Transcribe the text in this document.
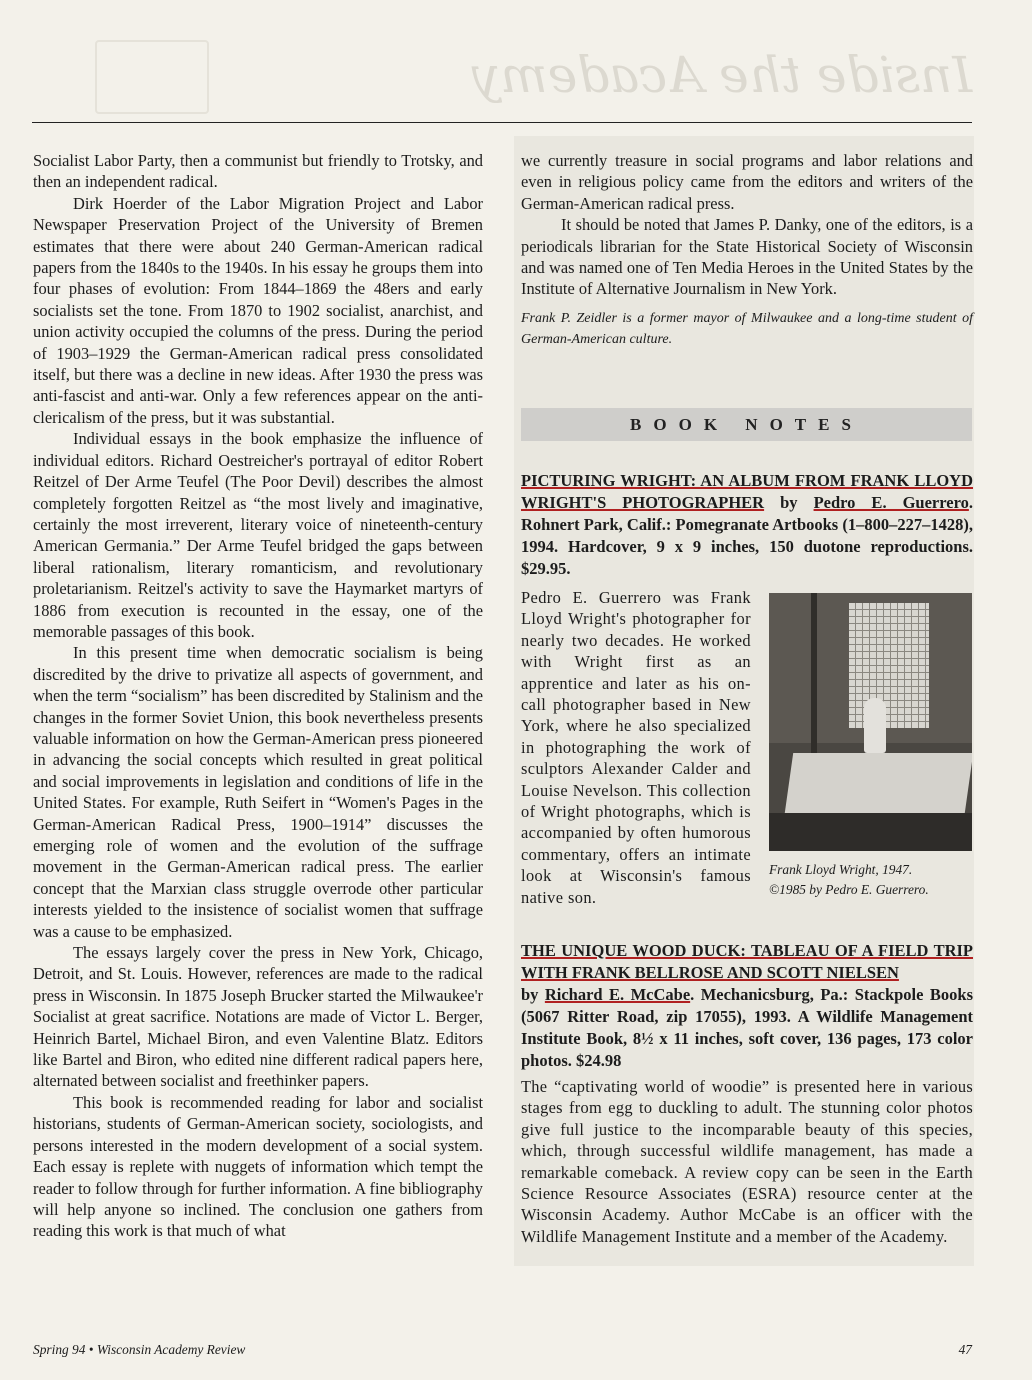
Inside the Academy

Socialist Labor Party, then a communist but friendly to Trotsky, and then an independent radical.

Dirk Hoerder of the Labor Migration Project and Labor Newspaper Preservation Project of the University of Bremen estimates that there were about 240 German-American radical papers from the 1840s to the 1940s. In his essay he groups them into four phases of evolution: From 1844–1869 the 48ers and early socialists set the tone. From 1870 to 1902 socialist, anarchist, and union activity occupied the columns of the press. During the period of 1903–1929 the German-American radical press consolidated itself, but there was a decline in new ideas. After 1930 the press was anti-fascist and anti-war. Only a few references appear on the anti-clericalism of the press, but it was substantial.

Individual essays in the book emphasize the influence of individual editors. Richard Oestreicher's portrayal of editor Robert Reitzel of Der Arme Teufel (The Poor Devil) describes the almost completely forgotten Reitzel as “the most lively and imaginative, certainly the most irreverent, literary voice of nineteenth-century American Germania.” Der Arme Teufel bridged the gaps between liberal rationalism, literary romanticism, and revolutionary proletarianism. Reitzel's activity to save the Haymarket martyrs of 1886 from execution is recounted in the essay, one of the memorable passages of this book.

In this present time when democratic socialism is being discredited by the drive to privatize all aspects of government, and when the term “socialism” has been discredited by Stalinism and the changes in the former Soviet Union, this book nevertheless presents valuable information on how the German-American press pioneered in advancing the social concepts which resulted in great political and social improvements in legislation and conditions of life in the United States. For example, Ruth Seifert in “Women's Pages in the German-American Radical Press, 1900–1914” discusses the emerging role of women and the evolution of the suffrage movement in the German-American radical press. The earlier concept that the Marxian class struggle overrode other particular interests yielded to the insistence of socialist women that suffrage was a cause to be emphasized.

The essays largely cover the press in New York, Chicago, Detroit, and St. Louis. However, references are made to the radical press in Wisconsin. In 1875 Joseph Brucker started the Milwaukee'r Socialist at great sacrifice. Notations are made of Victor L. Berger, Heinrich Bartel, Michael Biron, and even Valentine Blatz. Editors like Bartel and Biron, who edited nine different radical papers here, alternated between socialist and freethinker papers.

This book is recommended reading for labor and socialist historians, students of German-American society, sociologists, and persons interested in the modern development of a social system. Each essay is replete with nuggets of information which tempt the reader to follow through for further information. A fine bibliography will help anyone so inclined. The conclusion one gathers from reading this work is that much of what

we currently treasure in social programs and labor relations and even in religious policy came from the editors and writers of the German-American radical press.

It should be noted that James P. Danky, one of the editors, is a periodicals librarian for the State Historical Society of Wisconsin and was named one of Ten Media Heroes in the United States by the Institute of Alternative Journalism in New York.

Frank P. Zeidler is a former mayor of Milwaukee and a long-time student of German-American culture.

BOOK NOTES
PICTURING WRIGHT: AN ALBUM FROM FRANK LLOYD WRIGHT'S PHOTOGRAPHER by Pedro E. Guerrero. Rohnert Park, Calif.: Pomegranate Artbooks (1–800–227–1428), 1994. Hardcover, 9 x 9 inches, 150 duotone reproductions. $29.95.
Pedro E. Guerrero was Frank Lloyd Wright's photographer for nearly two decades. He worked with Wright first as an apprentice and later as his on-call photographer based in New York, where he also specialized in photographing the work of sculptors Alexander Calder and Louise Nevelson. This collection of Wright photographs, which is accompanied by often humorous commentary, offers an intimate look at Wisconsin's famous native son.
Frank Lloyd Wright, 1947.
©1985 by Pedro E. Guerrero.
THE UNIQUE WOOD DUCK: TABLEAU OF A FIELD TRIP WITH FRANK BELLROSE AND SCOTT NIELSEN
by Richard E. McCabe. Mechanicsburg, Pa.: Stackpole Books (5067 Ritter Road, zip 17055), 1993. A Wildlife Management Institute Book, 8½ x 11 inches, soft cover, 136 pages, 173 color photos. $24.98
The “captivating world of woodie” is presented here in various stages from egg to duckling to adult. The stunning color photos give full justice to the incomparable beauty of this species, which, through successful wildlife management, has made a remarkable comeback. A review copy can be seen in the Earth Science Resource Associates (ESRA) resource center at the Wisconsin Academy. Author McCabe is an officer with the Wildlife Management Institute and a member of the Academy.
Spring 94 • Wisconsin Academy Review	47
